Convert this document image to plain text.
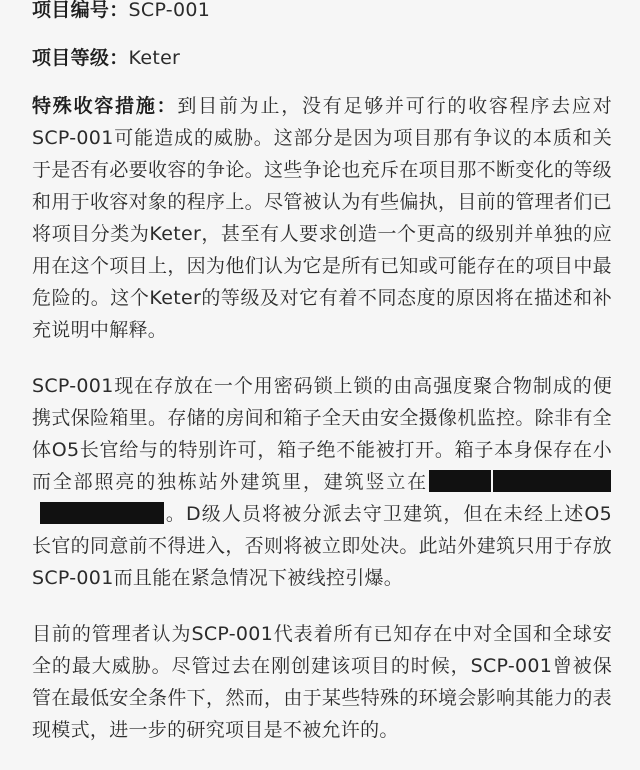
项目编号：SCP-001
项目等级：Keter

特殊收容措施：到目前为止，没有足够并可行的收容程序去应对SCP-001可能造成的威胁。这部分是因为项目那有争议的本质和关于是否有必要收容的争论。这些争论也充斥在项目那不断变化的等级和用于收容对象的程序上。尽管被认为有些偏执，目前的管理者们已将项目分类为Keter，甚至有人要求创造一个更高的级别并单独的应用在这个项目上，因为他们认为它是所有已知或可能存在的项目中最危险的。这个Keter的等级及对它有着不同态度的原因将在描述和补充说明中解释。

SCP-001现在存放在一个用密码锁上锁的由高强度聚合物制成的便携式保险箱里。存储的房间和箱子全天由安全摄像机监控。除非有全体O5长官给与的特别许可，箱子绝不能被打开。箱子本身保存在小而全部照亮的独栋站外建筑里，建筑竖立在。D级人员将被分派去守卫建筑，但在未经上述O5长官的同意前不得进入，否则将被立即处决。此站外建筑只用于存放SCP-001而且能在紧急情况下被线控引爆。

目前的管理者认为SCP-001代表着所有已知存在中对全国和全球安全的最大威胁。尽管过去在刚创建该项目的时候，SCP-001曾被保管在最低安全条件下，然而，由于某些特殊的环境会影响其能力的表现模式，进一步的研究项目是不被允许的。
